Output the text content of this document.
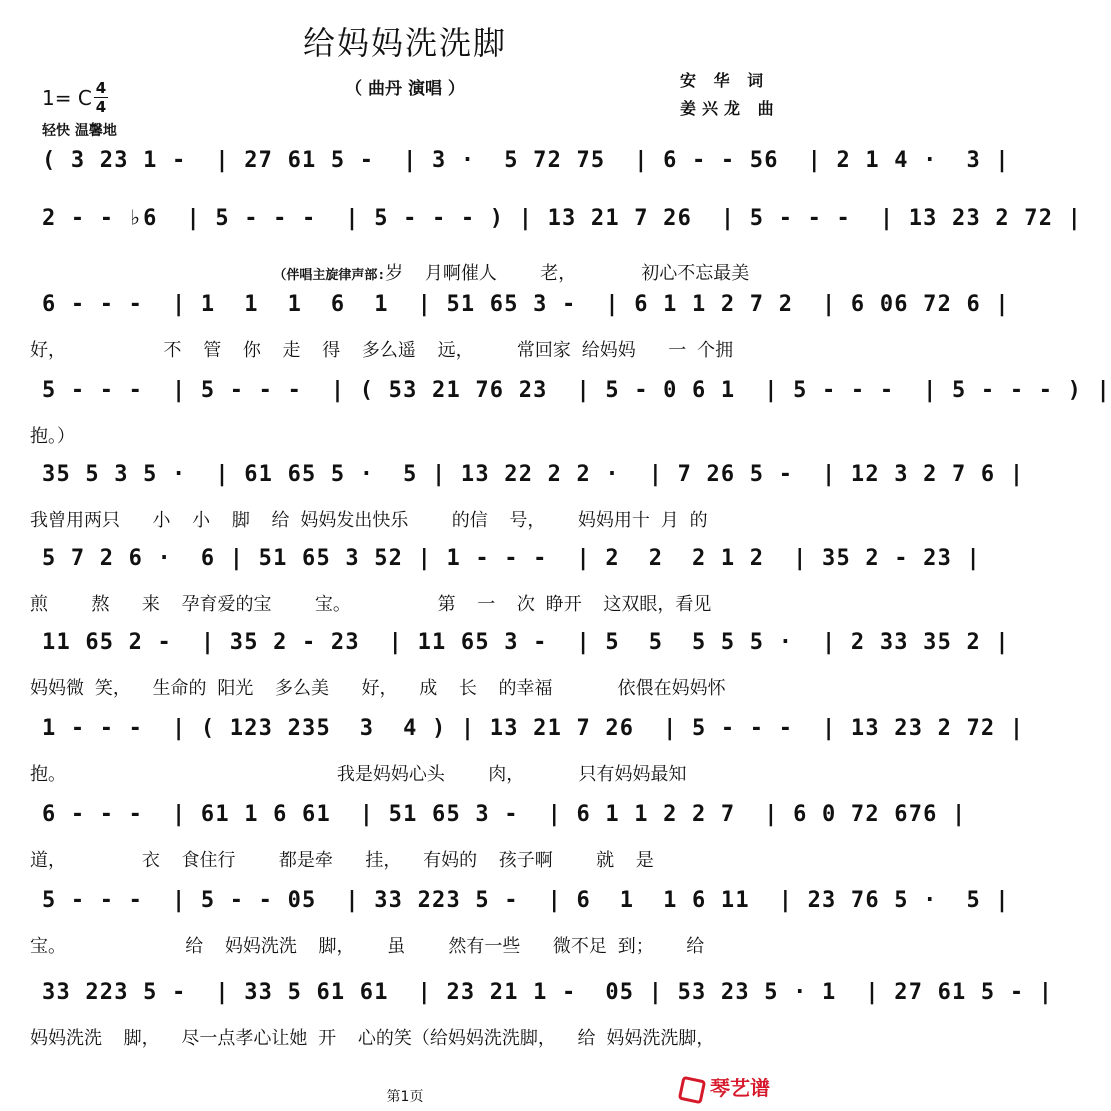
给妈妈洗洗脚
（ 曲丹 演唱 ）	安 华 词
姜兴龙 曲
1= C 4
4
轻快 温馨地
( 3 23 1 -  | 27 61 5 -  | 3 ·  5 72 75  | 6 - - 56  | 2 1 4 ·  3 |
2 - - ♭6  | 5 - - -  | 5 - - - ) | 13 21 7 26  | 5 - - -  | 13 23 2 72 |

（伴唱主旋律声部:岁  月啊催人    老，      初心不忘最美

6 - - -  | 1  1  1  6  1  | 51 65 3 -  | 6 1 1 2 7 2  | 6 06 72 6 |
好，         不  管  你  走  得  多么遥  远，    常回家 给妈妈   一 个拥
5 - - -  | 5 - - -  | ( 53 21 76 23  | 5 - 0 6 1  | 5 - - -  | 5 - - - ) |
抱。）
35 5 3 5 ·  | 61 65 5 ·  5 | 13 22 2 2 ·  | 7 26 5 -  | 12 3 2 7 6 |
我曾用两只   小  小  脚  给 妈妈发出快乐    的信  号，   妈妈用十 月 的
5 7 2 6 ·  6 | 51 65 3 52 | 1 - - -  | 2  2  2 1 2  | 35 2 - 23 |
煎    熬   来  孕育爱的宝    宝。        第  一  次 睁开  这双眼，看见
11 65 2 -  | 35 2 - 23  | 11 65 3 -  | 5  5  5 5 5 ·  | 2 33 35 2 |
妈妈微 笑，  生命的 阳光  多么美   好，  成  长  的幸福      依偎在妈妈怀
1 - - -  | ( 123 235  3  4 ) | 13 21 7 26  | 5 - - -  | 13 23 2 72 |
抱。                         我是妈妈心头    肉，     只有妈妈最知
6 - - -  | 61 1 6 61  | 51 65 3 -  | 6 1 1 2 2 7  | 6 0 72 676 |
道，       衣  食住行    都是牵   挂，  有妈的  孩子啊    就  是
5 - - -  | 5 - - 05  | 33 223 5 -  | 6  1  1 6 11  | 23 76 5 ·  5 |
宝。           给  妈妈洗洗  脚，   虽    然有一些   微不足 到；   给
33 223 5 -  | 33 5 61 61  | 23 21 1 -  05 | 53 23 5 · 1  | 27 61 5 - |
妈妈洗洗  脚，  尽一点孝心让她 开  心的笑（给妈妈洗洗脚，  给 妈妈洗洗脚，
第1页	琴艺谱
